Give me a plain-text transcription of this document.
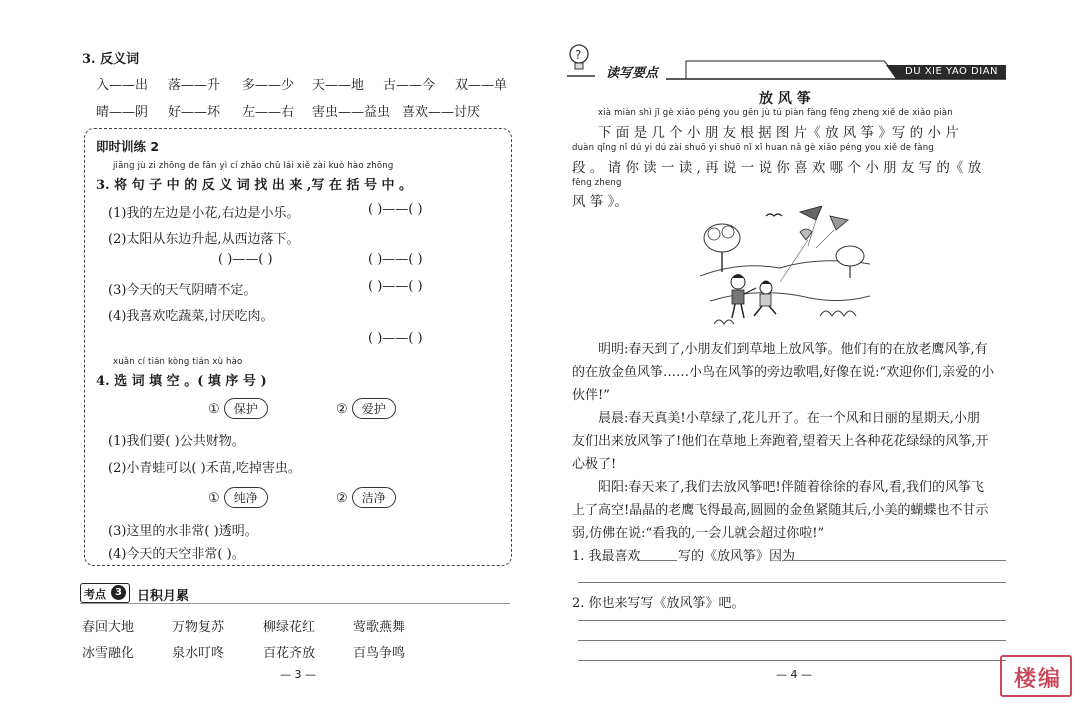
3. 反义词
入——出	落——升	多——少	天——地	古——今	双——单
晴——阴	好——坏	左——右	害虫——益虫 喜欢——讨厌
即时训练 2
jiāng jù zi zhōng de fǎn yì cí zhǎo chū lái xiě zài kuò hào zhōng
3. 将 句 子 中 的 反 义 词 找 出 来 ,写 在 括 号 中 。
(1)我的左边是小花,右边是小乐。	( )——( )
(2)太阳从东边升起,从西边落下。
( )——( )	( )——( )
(3)今天的天气阴晴不定。	( )——( )
(4)我喜欢吃蔬菜,讨厌吃肉。
( )——( )
xuǎn cí tián kòng tián xù hào
4. 选 词 填 空 。( 填 序 号 )
① 保护	② 爱护
(1)我们要( )公共财物。
(2)小青蛙可以( )禾苗,吃掉害虫。
① 纯净	② 洁净
(3)这里的水非常( )透明。
(4)今天的天空非常( )。
考点 3	日积月累
春回大地	万物复苏	柳绿花红	莺歌燕舞
冰雪融化	泉水叮咚	百花齐放	百鸟争鸣
— 3 —
?
读写要点	DU XIE YAO DIAN
放 风 筝
xià miàn shì jǐ gè xiǎo péng you gēn jù tú piàn fàng fēng zheng xiě de xiǎo piàn
下 面 是 几 个 小 朋 友 根 据 图 片《 放 风 筝 》写 的 小 片
duàn qǐng nǐ dú yi dú zài shuō yi shuō nǐ xǐ huan nǎ gè xiǎo péng you xiě de fàng
段 。 请 你 读 一 读 , 再 说 一 说 你 喜 欢 哪 个 小 朋 友 写 的《 放
fēng zheng
风 筝 》。
明明:春天到了,小朋友们到草地上放风筝。他们有的在放老鹰风筝,有
的在放金鱼风筝……小鸟在风筝的旁边歌唱,好像在说:“欢迎你们,亲爱的小
伙伴!”
晨晨:春天真美!小草绿了,花儿开了。在一个风和日丽的星期天,小朋
友们出来放风筝了!他们在草地上奔跑着,望着天上各种花花绿绿的风筝,开
心极了!
阳阳:春天来了,我们去放风筝吧!伴随着徐徐的春风,看,我们的风筝飞
上了高空!晶晶的老鹰飞得最高,圆圆的金鱼紧随其后,小美的蝴蝶也不甘示
弱,仿佛在说:“看我的,一会儿就会超过你啦!”
1. 我最喜欢	写的《放风筝》因为
2. 你也来写写《放风筝》吧。
— 4 —	楼编
